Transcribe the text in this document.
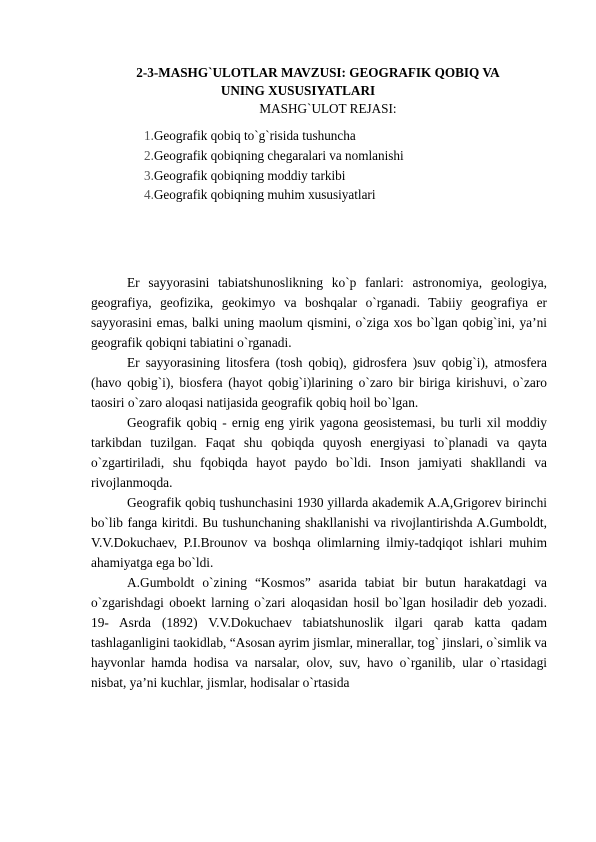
2-3-MASHG`ULOTLAR MAVZUSI: GEOGRAFIK QOBIQ VA
UNING XUSUSIYATLARI
MASHG`ULOT REJASI:
1.Geografik qobiq to`g`risida tushuncha
2.Geografik qobiqning chegaralari va nomlanishi
3.Geografik qobiqning moddiy tarkibi
4.Geografik qobiqning muhim xususiyatlari

Er sayyorasini tabiatshunoslikning ko`p fanlari: astronomiya, geologiya, geografiya, geofizika, geokimyo va boshqalar o`rganadi. Tabiiy geografiya er sayyorasini emas, balki uning maolum qismini, o`ziga xos bo`lgan qobig`ini, ya’ni geografik qobiqni tabiatini o`rganadi.

Er sayyorasining litosfera (tosh qobiq), gidrosfera )suv qobig`i), atmosfera (havo qobig`i), biosfera (hayot qobig`i)larining o`zaro bir biriga kirishuvi, o`zaro taosiri o`zaro aloqasi natijasida geografik qobiq hoil bo`lgan.

Geografik qobiq - ernig eng yirik yagona geosistemasi, bu turli xil moddiy tarkibdan tuzilgan. Faqat shu qobiqda quyosh energiyasi to`planadi va qayta o`zgartiriladi, shu fqobiqda hayot paydo bo`ldi. Inson jamiyati shakllandi va rivojlanmoqda.

Geografik qobiq tushunchasini 1930 yillarda akademik A.A,Grigorev birinchi bo`lib fanga kiritdi. Bu tushunchaning shakllanishi va rivojlantirishda A.Gumboldt, V.V.Dokuchaev, P.I.Brounov va boshqa olimlarning ilmiy-tadqiqot ishlari muhim ahamiyatga ega bo`ldi.

A.Gumboldt o`zining “Kosmos” asarida tabiat bir butun harakatdagi va o`zgarishdagi oboekt larning o`zari aloqasidan hosil bo`lgan hosiladir deb yozadi. 19- Asrda (1892) V.V.Dokuchaev tabiatshunoslik ilgari qarab katta qadam tashlaganligini taokidlab, “Asosan ayrim jismlar, minerallar, tog` jinslari, o`simlik va hayvonlar hamda hodisa va narsalar, olov, suv, havo o`rganilib, ular o`rtasidagi nisbat, ya’ni kuchlar, jismlar, hodisalar o`rtasida
